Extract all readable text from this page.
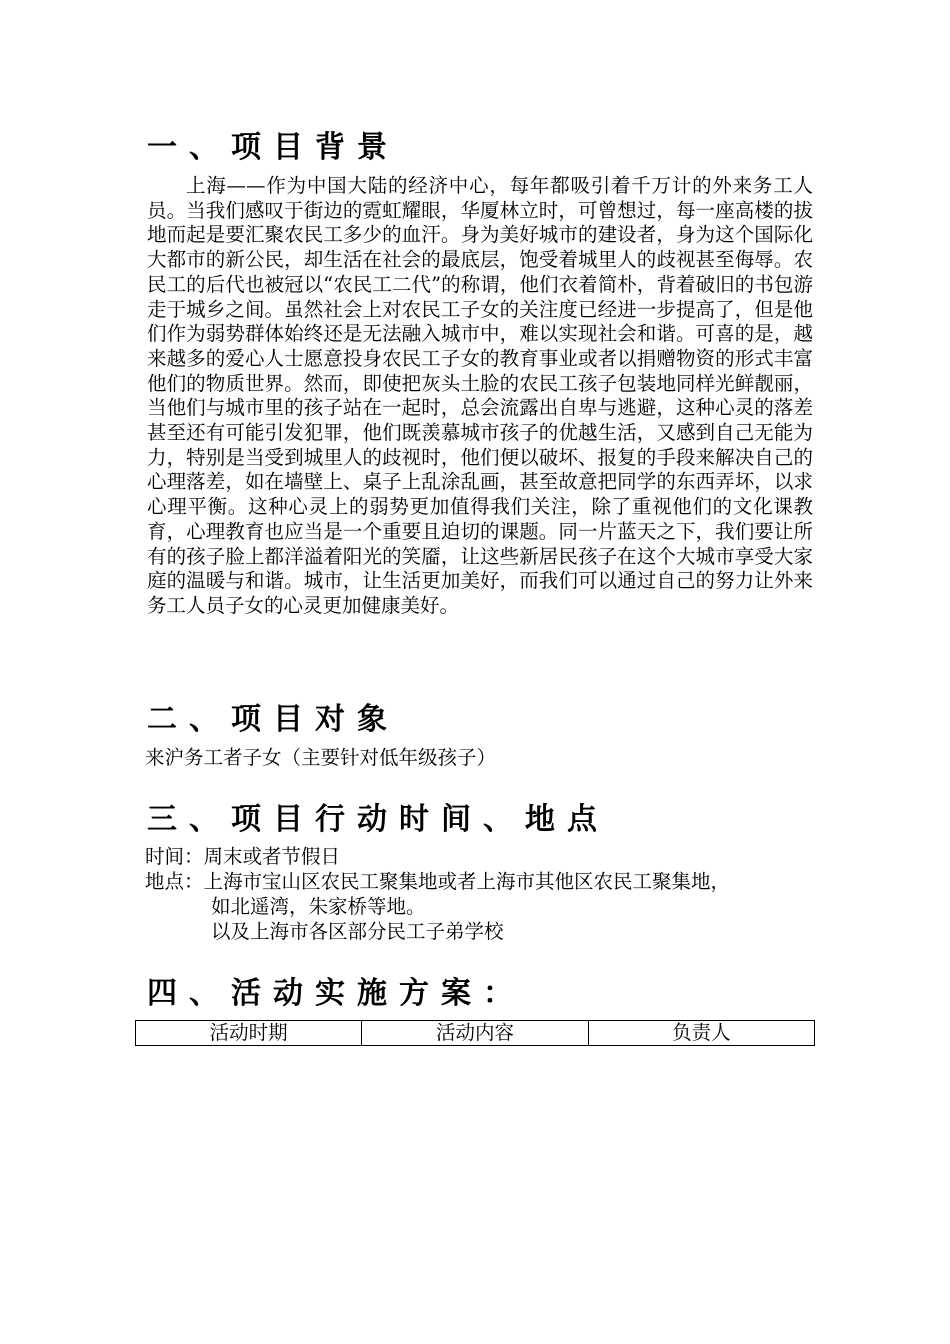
一、项目背景

上海——作为中国大陆的经济中心，每年都吸引着千万计的外来务工人员。当我们感叹于街边的霓虹耀眼，华厦林立时，可曾想过，每一座高楼的拔地而起是要汇聚农民工多少的血汗。身为美好城市的建设者，身为这个国际化大都市的新公民，却生活在社会的最底层，饱受着城里人的歧视甚至侮辱。农民工的后代也被冠以“农民工二代”的称谓，他们衣着简朴，背着破旧的书包游走于城乡之间。虽然社会上对农民工子女的关注度已经进一步提高了，但是他们作为弱势群体始终还是无法融入城市中，难以实现社会和谐。可喜的是，越来越多的爱心人士愿意投身农民工子女的教育事业或者以捐赠物资的形式丰富他们的物质世界。然而，即使把灰头土脸的农民工孩子包装地同样光鲜靓丽，当他们与城市里的孩子站在一起时，总会流露出自卑与逃避，这种心灵的落差甚至还有可能引发犯罪，他们既羡慕城市孩子的优越生活，又感到自己无能为力，特别是当受到城里人的歧视时，他们便以破坏、报复的手段来解决自己的心理落差，如在墙壁上、桌子上乱涂乱画，甚至故意把同学的东西弄坏，以求心理平衡。这种心灵上的弱势更加值得我们关注，除了重视他们的文化课教育，心理教育也应当是一个重要且迫切的课题。同一片蓝天之下，我们要让所有的孩子脸上都洋溢着阳光的笑靥，让这些新居民孩子在这个大城市享受大家庭的温暖与和谐。城市，让生活更加美好，而我们可以通过自己的努力让外来务工人员子女的心灵更加健康美好。

二、项目对象

来沪务工者子女（主要针对低年级孩子）

三、项目行动时间、地点

时间：周末或者节假日

地点：上海市宝山区农民工聚集地或者上海市其他区农民工聚集地，

如北遥湾，朱家桥等地。

以及上海市各区部分民工子弟学校

四、活动实施方案：
活动时期	活动内容	负责人
